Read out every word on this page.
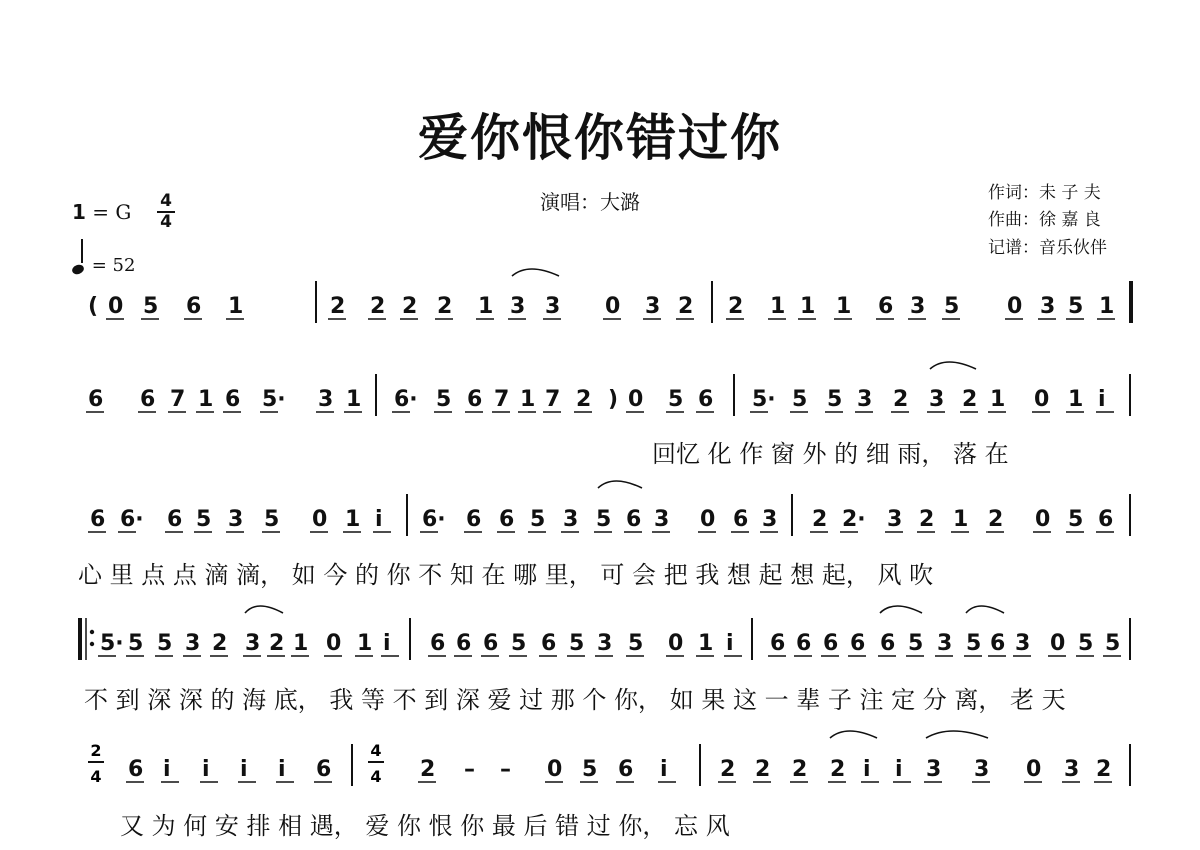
爱你恨你错过你
演唱：大潞	作词：未 子 夫
作曲：徐 嘉 良
记谱：音乐伙伴
1 = G 4
4
= 52
( 0 5 6 1	2 2 2 2 1 3 3 0 3 2 2 1 1 1 6 3 5 0 3 5 1
6 6 7 1 6 5· 3 1 6· 5 6 7 1 7 2 ) 0 5 6 5· 5 5 3 2 3 2 1 0 1 i
6 6· 6 5 3 5 0 1 i 6· 6 6 5 3 5 6 3 0 6 3 2 2· 3 2 1 2 0 5 6
‖: 5· 5 5 3 2 3 2 1 0 1 i 6 6 6 5 6 5 3 5 0 1 i 6 6 6 6 6 5 3 5 6 3 0 5 5
6 i i i i 6	2 – – 0 5 6 i 2 2 2 2 i i 3 3 0 3 2
2
4
4
4
回忆 化 作 窗 外 的 细 雨， 落 在
心 里 点 点 滴 滴， 如 今 的 你 不 知 在 哪 里， 可 会 把 我 想 起 想 起， 风 吹
不 到 深 深 的 海 底， 我 等 不 到 深 爱 过 那 个 你， 如 果 这 一 辈 子 注 定 分 离， 老 天
又 为 何 安 排 相 遇， 爱 你 恨 你 最 后 错 过 你， 忘 风
